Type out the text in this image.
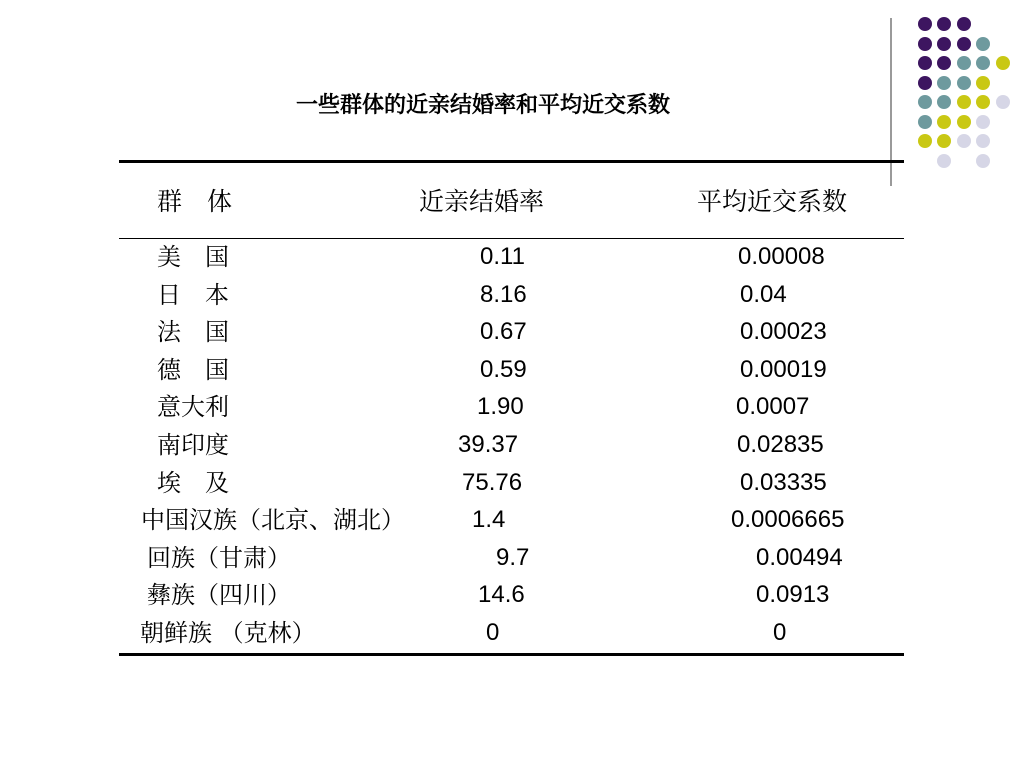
一些群体的近亲结婚率和平均近交系数
群　体	近亲结婚率	平均近交系数
美　国	0.11	0.00008
日　本	8.16	0.04
法　国	0.67	0.00023
德　国	0.59	0.00019
意大利	1.90	0.0007
南印度	39.37	0.02835
埃　及	75.76	0.03335
中国汉族（北京、湖北）	1.4	0.0006665
回族（甘肃）	9.7	0.00494
彝族（四川）	14.6	0.0913
朝鲜族 （克林）	0	0
